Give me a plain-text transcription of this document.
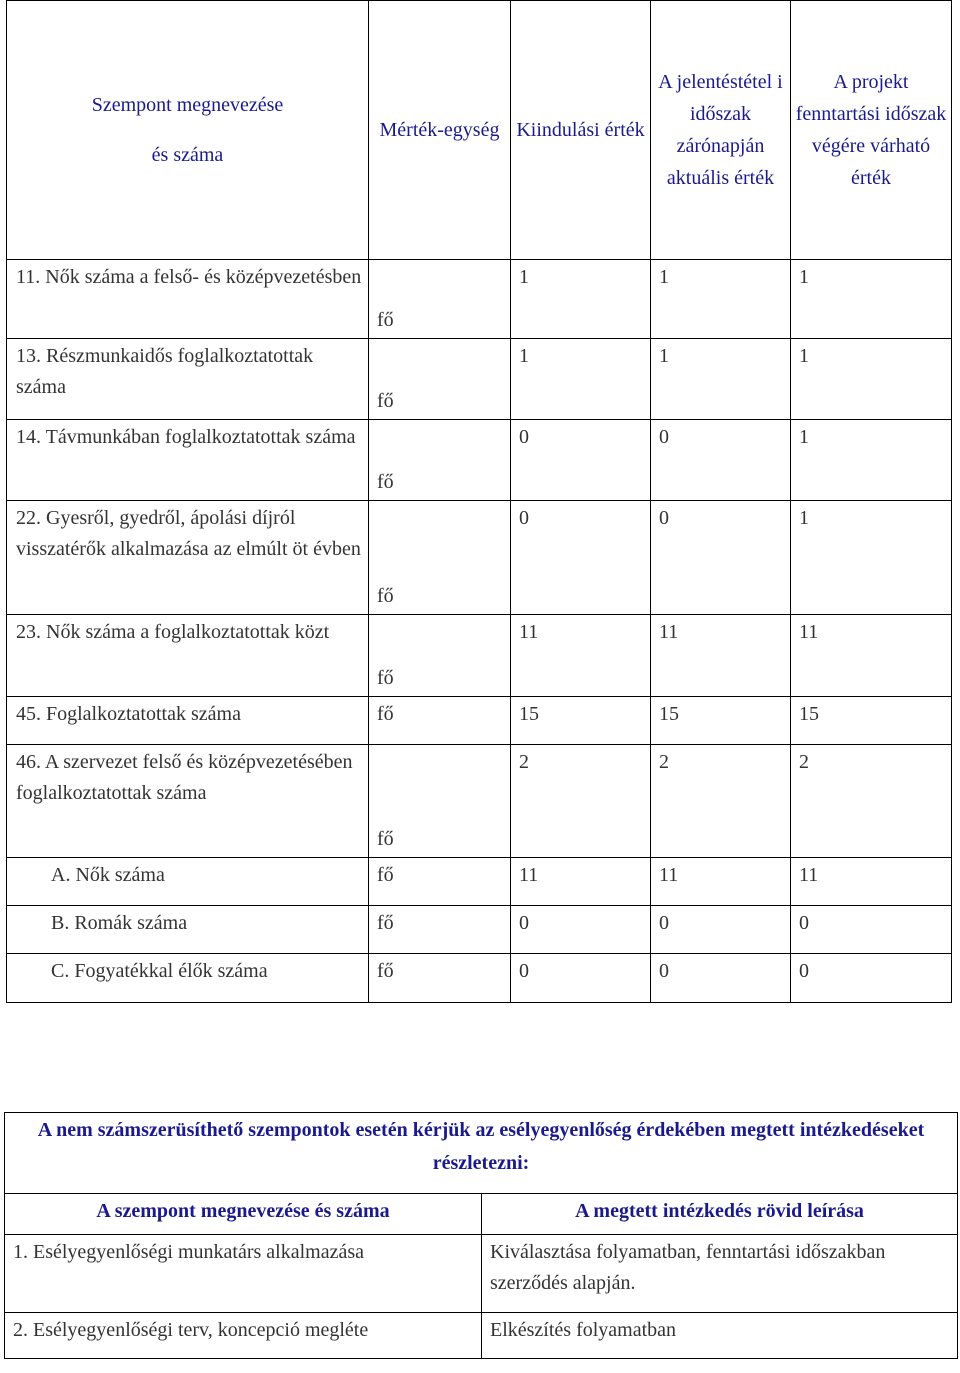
Szempont megnevezése
és száma	Mérték-egység	Kiindulási érték	A jelentéstétel i időszak zárónapján aktuális érték	A projekt fenntartási időszak végére várható érték
11. Nők száma a felső- és középvezetésben	fő	1	1	1
13. Részmunkaidős foglalkoztatottak száma	fő	1	1	1
14. Távmunkában foglalkoztatottak száma	fő	0	0	1
22. Gyesről, gyedről, ápolási díjról visszatérők alkalmazása az elmúlt öt évben	fő	0	0	1
23. Nők száma a foglalkoztatottak közt	fő	11	11	11
45. Foglalkoztatottak száma	fő	15	15	15
46. A szervezet felső és középvezetésében foglalkoztatottak száma	fő	2	2	2
A. Nők száma	fő	11	11	11
B. Romák száma	fő	0	0	0
C. Fogyatékkal élők száma	fő	0	0	0
A nem számszerüsíthető szempontok esetén kérjük az esélyegyenlőség érdekében megtett intézkedéseket részletezni:	
A szempont megnevezése és száma	A megtett intézkedés rövid leírása
1. Esélyegyenlőségi munkatárs alkalmazása	Kiválasztása folyamatban, fenntartási időszakban szerződés alapján.
2. Esélyegyenlőségi terv, koncepció megléte	Elkészítés folyamatban
